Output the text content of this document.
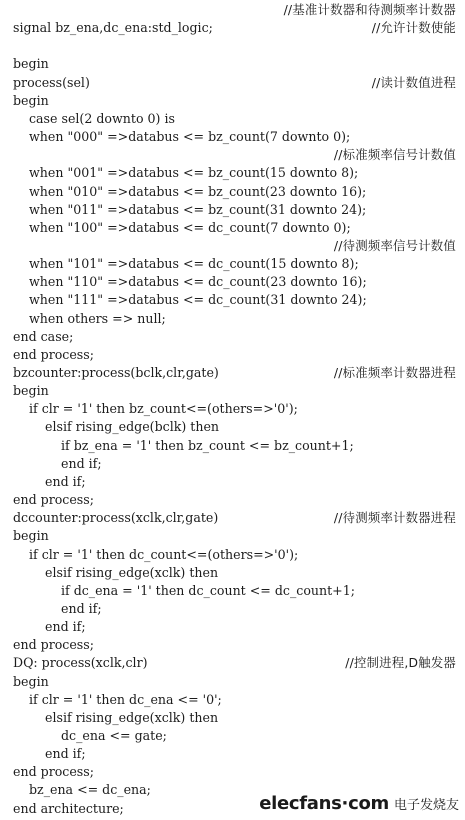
//基准计数器和待测频率计数器
signal bz_ena,dc_ena:std_logic;	//允许计数使能
begin
process(sel)	//读计数值进程
begin
case sel(2 downto 0) is
when "000" =>databus <= bz_count(7 downto 0);
//标准频率信号计数值
when "001" =>databus <= bz_count(15 downto 8);
when "010" =>databus <= bz_count(23 downto 16);
when "011" =>databus <= bz_count(31 downto 24);
when "100" =>databus <= dc_count(7 downto 0);
//待测频率信号计数值
when "101" =>databus <= dc_count(15 downto 8);
when "110" =>databus <= dc_count(23 downto 16);
when "111" =>databus <= dc_count(31 downto 24);
when others => null;
end case;
end process;
bzcounter:process(bclk,clr,gate)	//标准频率计数器进程
begin
if clr = '1' then bz_count<=(others=>'0');
elsif rising_edge(bclk) then
if bz_ena = '1' then bz_count <= bz_count+1;
end if;
end if;
end process;
dccounter:process(xclk,clr,gate)	//待测频率计数器进程
begin
if clr = '1' then dc_count<=(others=>'0');
elsif rising_edge(xclk) then
if dc_ena = '1' then dc_count <= dc_count+1;
end if;
end if;
end process;
DQ: process(xclk,clr)	//控制进程,D触发器
begin
if clr = '1' then dc_ena <= '0';
elsif rising_edge(xclk) then
dc_ena <= gate;
end if;
end process;
bz_ena <= dc_ena;
end architecture;	elecfans·com 电子发烧友
